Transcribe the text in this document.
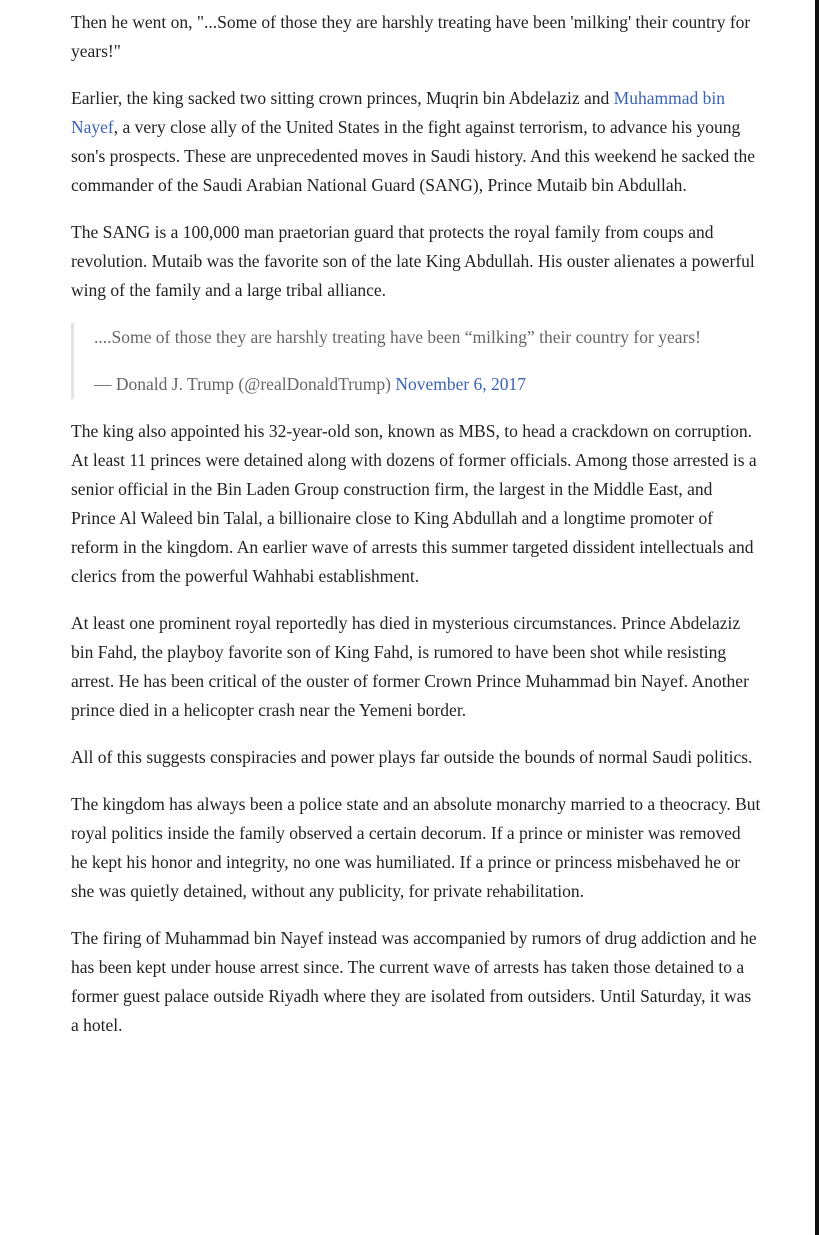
Then he went on, "...Some of those they are harshly treating have been 'milking' their country for years!"

Earlier, the king sacked two sitting crown princes, Muqrin bin Abdelaziz and Muhammad bin Nayef, a very close ally of the United States in the fight against terrorism, to advance his young son's prospects. These are unprecedented moves in Saudi history. And this weekend he sacked the commander of the Saudi Arabian National Guard (SANG), Prince Mutaib bin Abdullah.

The SANG is a 100,000 man praetorian guard that protects the royal family from coups and revolution. Mutaib was the favorite son of the late King Abdullah. His ouster alienates a powerful wing of the family and a large tribal alliance.

....Some of those they are harshly treating have been “milking” their country for years!

— Donald J. Trump (@realDonaldTrump) November 6, 2017

The king also appointed his 32-year-old son, known as MBS, to head a crackdown on corruption. At least 11 princes were detained along with dozens of former officials. Among those arrested is a senior official in the Bin Laden Group construction firm, the largest in the Middle East, and Prince Al Waleed bin Talal, a billionaire close to King Abdullah and a longtime promoter of reform in the kingdom. An earlier wave of arrests this summer targeted dissident intellectuals and clerics from the powerful Wahhabi establishment.

At least one prominent royal reportedly has died in mysterious circumstances. Prince Abdelaziz bin Fahd, the playboy favorite son of King Fahd, is rumored to have been shot while resisting arrest. He has been critical of the ouster of former Crown Prince Muhammad bin Nayef. Another prince died in a helicopter crash near the Yemeni border.

All of this suggests conspiracies and power plays far outside the bounds of normal Saudi politics.

The kingdom has always been a police state and an absolute monarchy married to a theocracy. But royal politics inside the family observed a certain decorum. If a prince or minister was removed he kept his honor and integrity, no one was humiliated. If a prince or princess misbehaved he or she was quietly detained, without any publicity, for private rehabilitation.

The firing of Muhammad bin Nayef instead was accompanied by rumors of drug addiction and he has been kept under house arrest since. The current wave of arrests has taken those detained to a former guest palace outside Riyadh where they are isolated from outsiders. Until Saturday, it was a hotel.
